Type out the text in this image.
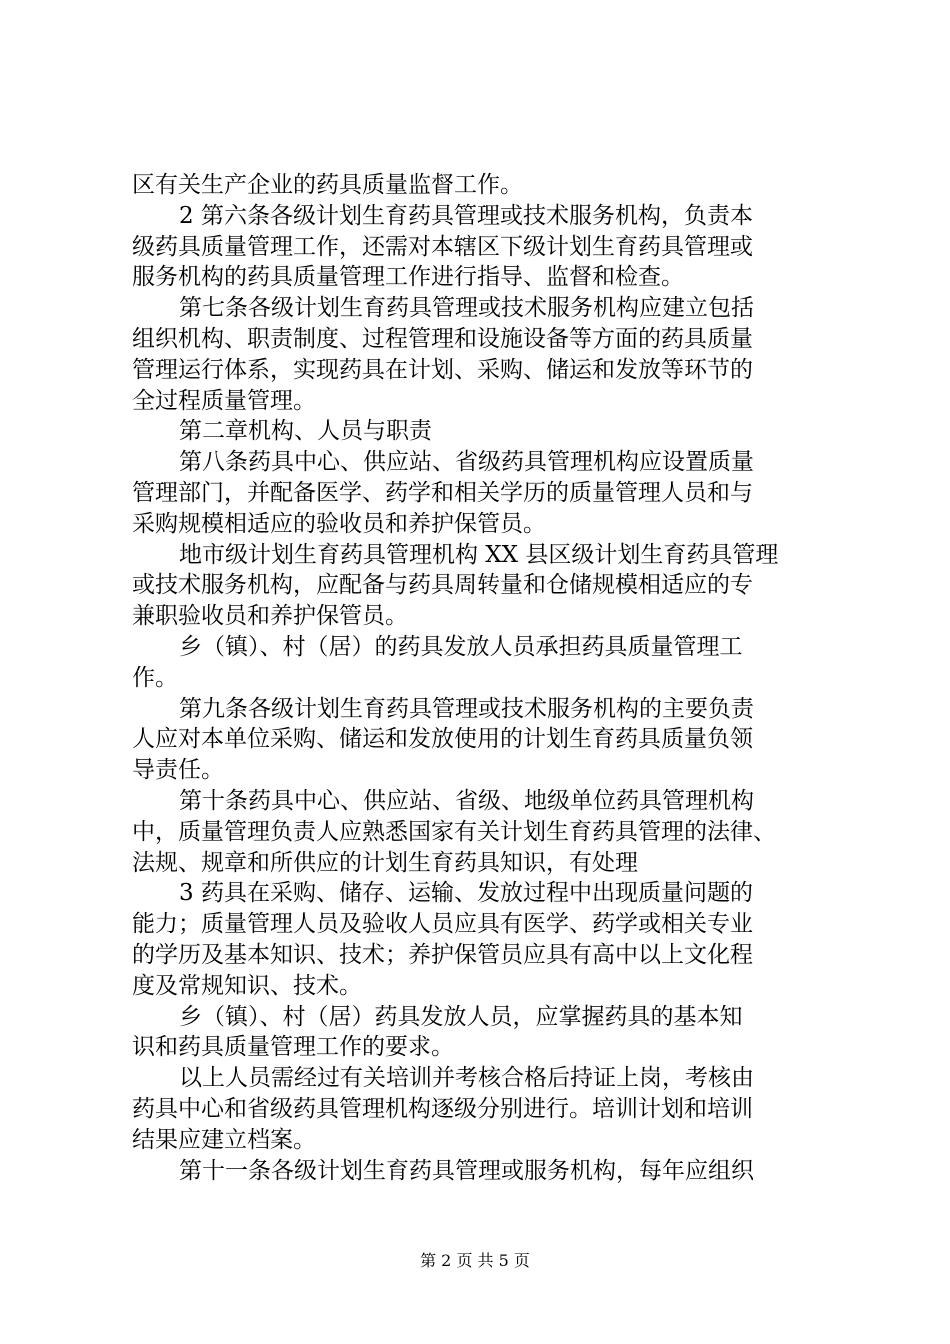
区有关生产企业的药具质量监督工作。
2 第六条各级计划生育药具管理或技术服务机构，负责本
级药具质量管理工作，还需对本辖区下级计划生育药具管理或
服务机构的药具质量管理工作进行指导、监督和检查。
第七条各级计划生育药具管理或技术服务机构应建立包括
组织机构、职责制度、过程管理和设施设备等方面的药具质量
管理运行体系，实现药具在计划、采购、储运和发放等环节的
全过程质量管理。
第二章机构、人员与职责
第八条药具中心、供应站、省级药具管理机构应设置质量
管理部门，并配备医学、药学和相关学历的质量管理人员和与
采购规模相适应的验收员和养护保管员。
地市级计划生育药具管理机构 XX 县区级计划生育药具管理
或技术服务机构，应配备与药具周转量和仓储规模相适应的专
兼职验收员和养护保管员。
乡（镇）、村（居）的药具发放人员承担药具质量管理工
作。
第九条各级计划生育药具管理或技术服务机构的主要负责
人应对本单位采购、储运和发放使用的计划生育药具质量负领
导责任。
第十条药具中心、供应站、省级、地级单位药具管理机构
中，质量管理负责人应熟悉国家有关计划生育药具管理的法律、
法规、规章和所供应的计划生育药具知识，有处理
3 药具在采购、储存、运输、发放过程中出现质量问题的
能力；质量管理人员及验收人员应具有医学、药学或相关专业
的学历及基本知识、技术；养护保管员应具有高中以上文化程
度及常规知识、技术。
乡（镇）、村（居）药具发放人员，应掌握药具的基本知
识和药具质量管理工作的要求。
以上人员需经过有关培训并考核合格后持证上岗，考核由
药具中心和省级药具管理机构逐级分别进行。培训计划和培训
结果应建立档案。
第十一条各级计划生育药具管理或服务机构，每年应组织
第 2 页 共 5 页
